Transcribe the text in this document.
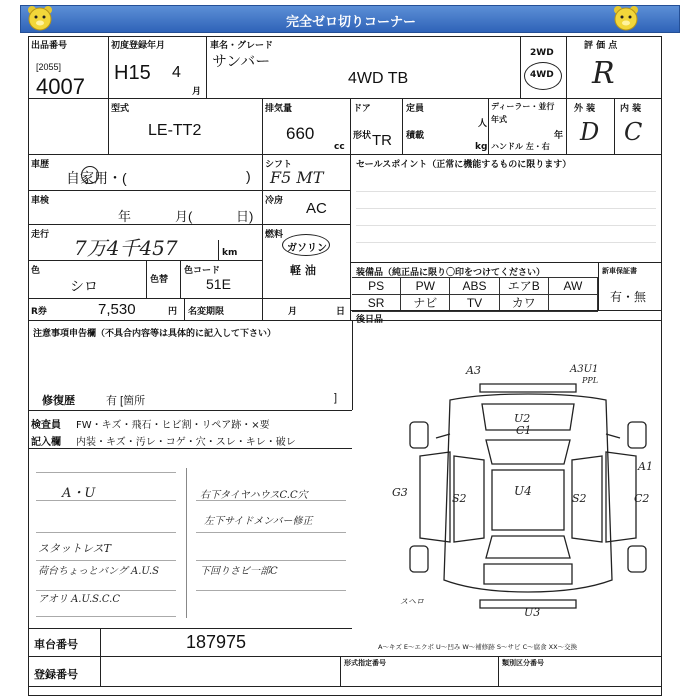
完全ゼロ切りコーナー
出品番号
[2055]
4007
初度登録年月
H15 4
月
車名・グレード
サンバー
4WD TB
2WD
4WD
評 価 点
R
外 装	内 装
D C
型式
LE-TT2
排気量
660
cc
ドア
形状 TR
定員
人
積載
kg
ディーラー・並行
年式
年
ハンドル 左・右
車歴
自家用・(	)
車検
年	月(	日)
走行
7万4千457	km
色
シロ	色替
色コード
51E
R券	7,530	円 名変期限	月	日
シフト
F5 MT
冷房 AC
燃料
ガソリン
軽 油
セールスポイント（正常に機能するものに限ります）
装備品（純正品に限り〇印をつけてください）
PS	PW	ABS	エアB	AW
SR	ナビ	TV	カワ
新車保証書
有・無
後日品
注意事項申告欄（不具合内容等は具体的に記入して下さい）
修復歴	有 [箇所	]
検査員 FW・キズ・飛石・ヒビ割・リペア跡・×要
記入欄 内装・キズ・汚レ・コゲ・穴・スレ・キレ・破レ
A・U
スタットレスT
荷台ちょっとバング A.U.S
アオリ A.U.S.C.C
右下タイヤハウスC.C穴
左下サイドメンバー修正
下回りさビ一部C
A3	A3U1
PPL
U2
C1
A1
C2
U4
S2	S2
G3
U3
スヘロ
A～キズ E～エクボ U～凹み W～補修跡 S～サビ C～腐食 XX～交換
車台番号	187975
登録番号
形式指定番号	類別区分番号
